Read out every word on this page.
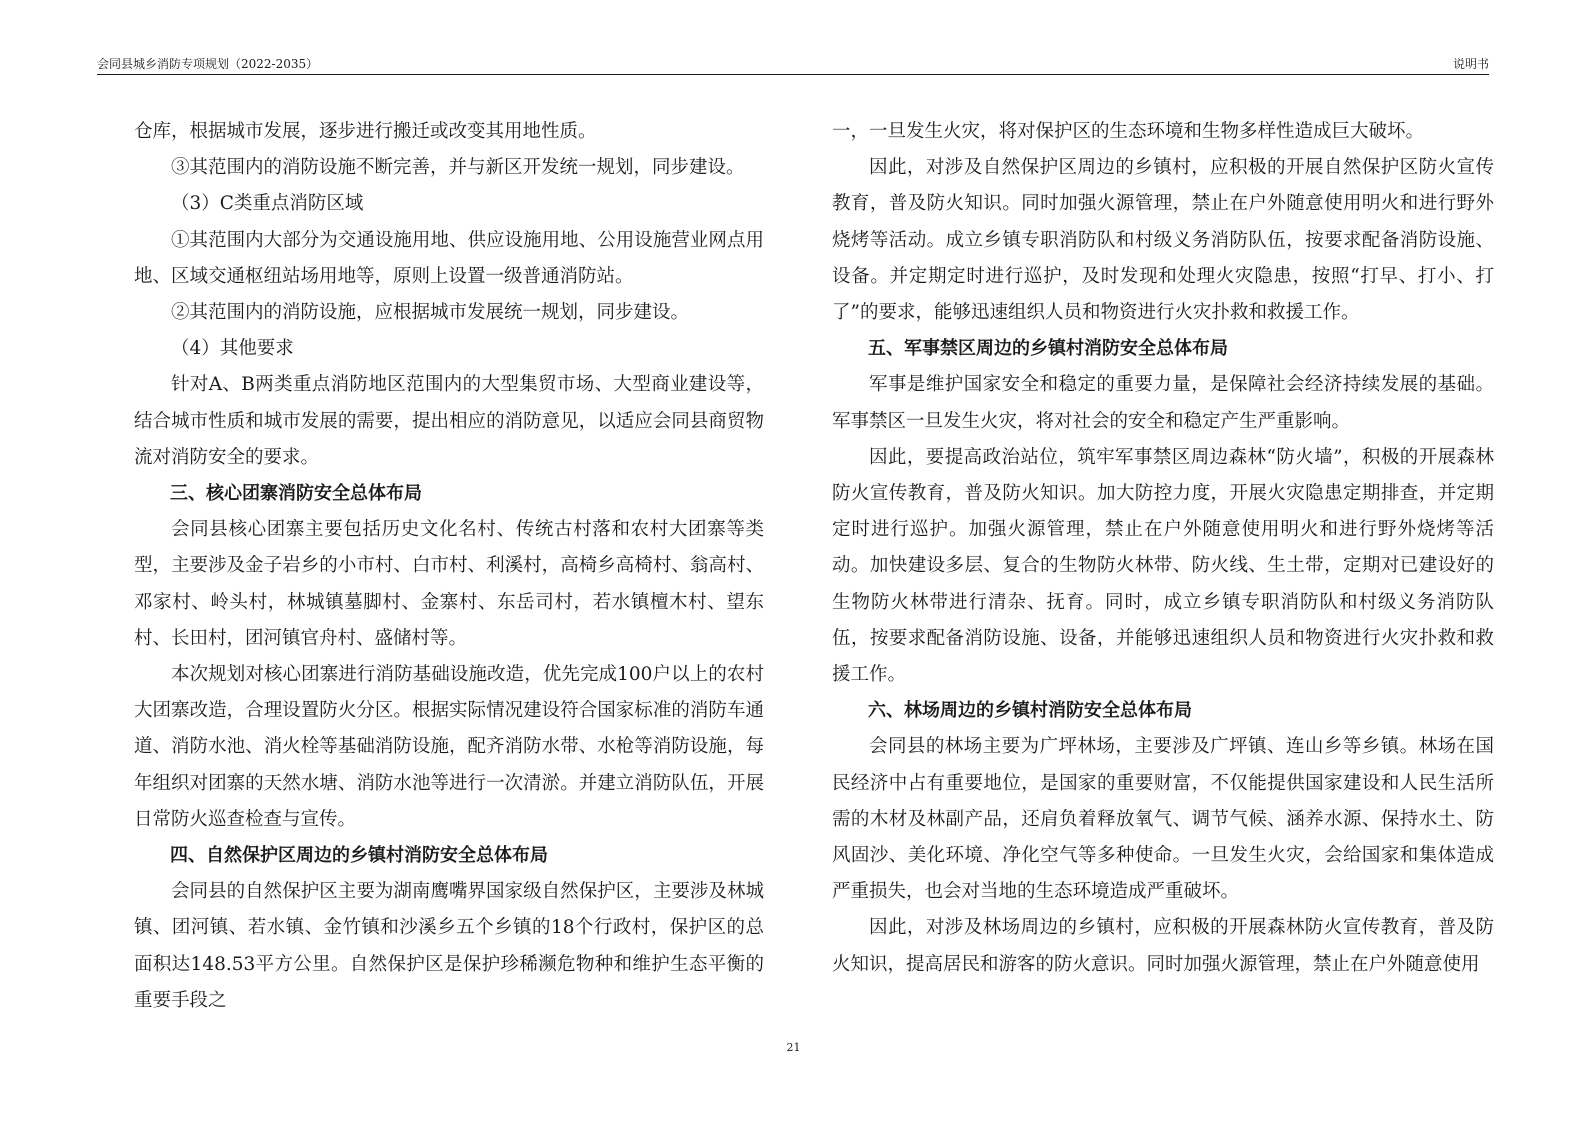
会同县城乡消防专项规划（2022-2035）	说明书

仓库，根据城市发展，逐步进行搬迁或改变其用地性质。

③其范围内的消防设施不断完善，并与新区开发统一规划，同步建设。

（3）C类重点消防区域

①其范围内大部分为交通设施用地、供应设施用地、公用设施营业网点用地、区域交通枢纽站场用地等，原则上设置一级普通消防站。

②其范围内的消防设施，应根据城市发展统一规划，同步建设。

（4）其他要求

针对A、B两类重点消防地区范围内的大型集贸市场、大型商业建设等，结合城市性质和城市发展的需要，提出相应的消防意见，以适应会同县商贸物流对消防安全的要求。

三、核心团寨消防安全总体布局

会同县核心团寨主要包括历史文化名村、传统古村落和农村大团寨等类型，主要涉及金子岩乡的小市村、白市村、利溪村，高椅乡高椅村、翁高村、邓家村、岭头村，林城镇墓脚村、金寨村、东岳司村，若水镇檀木村、望东村、长田村，团河镇官舟村、盛储村等。

本次规划对核心团寨进行消防基础设施改造，优先完成100户以上的农村大团寨改造，合理设置防火分区。根据实际情况建设符合国家标准的消防车通道、消防水池、消火栓等基础消防设施，配齐消防水带、水枪等消防设施，每年组织对团寨的天然水塘、消防水池等进行一次清淤。并建立消防队伍，开展日常防火巡查检查与宣传。

四、自然保护区周边的乡镇村消防安全总体布局

会同县的自然保护区主要为湖南鹰嘴界国家级自然保护区，主要涉及林城镇、团河镇、若水镇、金竹镇和沙溪乡五个乡镇的18个行政村，保护区的总面积达148.53平方公里。自然保护区是保护珍稀濒危物种和维护生态平衡的重要手段之

一，一旦发生火灾，将对保护区的生态环境和生物多样性造成巨大破坏。

因此，对涉及自然保护区周边的乡镇村，应积极的开展自然保护区防火宣传教育，普及防火知识。同时加强火源管理，禁止在户外随意使用明火和进行野外烧烤等活动。成立乡镇专职消防队和村级义务消防队伍，按要求配备消防设施、设备。并定期定时进行巡护，及时发现和处理火灾隐患，按照“打早、打小、打了”的要求，能够迅速组织人员和物资进行火灾扑救和救援工作。

五、军事禁区周边的乡镇村消防安全总体布局

军事是维护国家安全和稳定的重要力量，是保障社会经济持续发展的基础。军事禁区一旦发生火灾，将对社会的安全和稳定产生严重影响。

因此，要提高政治站位，筑牢军事禁区周边森林“防火墙”，积极的开展森林防火宣传教育，普及防火知识。加大防控力度，开展火灾隐患定期排查，并定期定时进行巡护。加强火源管理，禁止在户外随意使用明火和进行野外烧烤等活动。加快建设多层、复合的生物防火林带、防火线、生土带，定期对已建设好的生物防火林带进行清杂、抚育。同时，成立乡镇专职消防队和村级义务消防队伍，按要求配备消防设施、设备，并能够迅速组织人员和物资进行火灾扑救和救援工作。

六、林场周边的乡镇村消防安全总体布局

会同县的林场主要为广坪林场，主要涉及广坪镇、连山乡等乡镇。林场在国民经济中占有重要地位，是国家的重要财富，不仅能提供国家建设和人民生活所需的木材及林副产品，还肩负着释放氧气、调节气候、涵养水源、保持水土、防风固沙、美化环境、净化空气等多种使命。一旦发生火灾，会给国家和集体造成严重损失，也会对当地的生态环境造成严重破坏。

因此，对涉及林场周边的乡镇村，应积极的开展森林防火宣传教育，普及防火知识，提高居民和游客的防火意识。同时加强火源管理，禁止在户外随意使用

21
